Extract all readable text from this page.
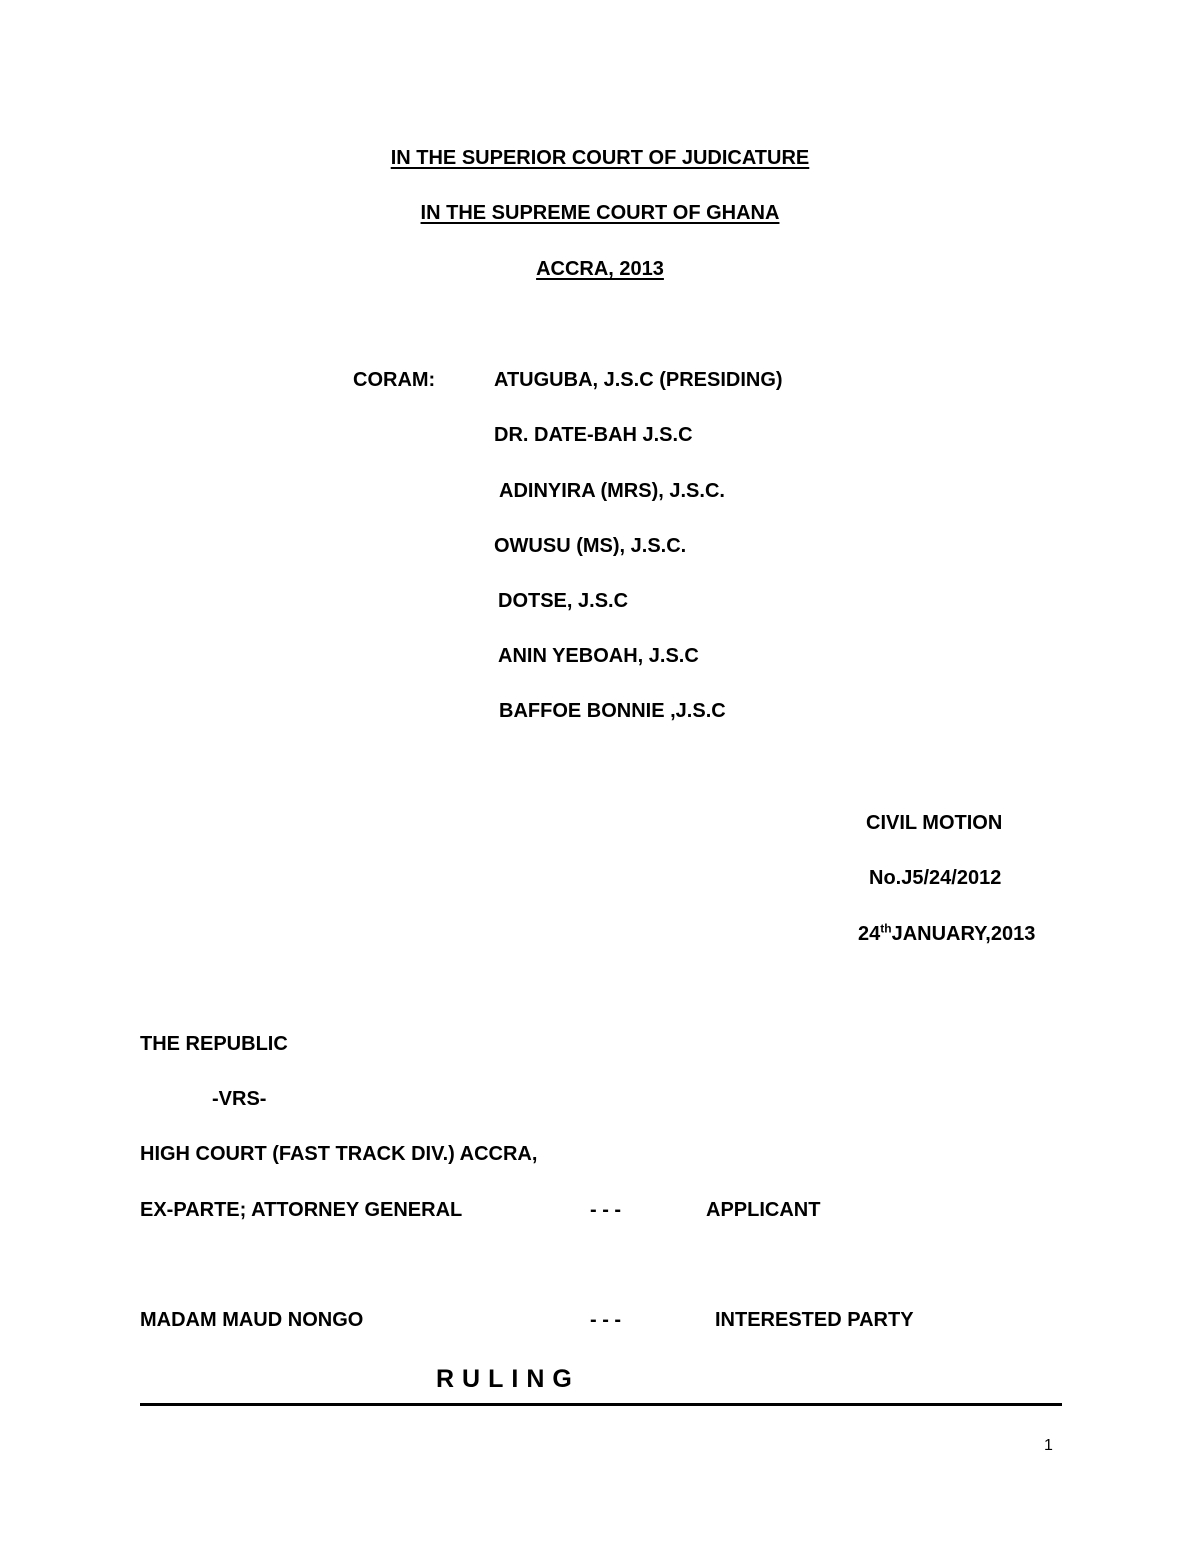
IN THE SUPERIOR COURT OF JUDICATURE
IN THE SUPREME COURT OF GHANA
ACCRA, 2013
CORAM:	ATUGUBA, J.S.C (PRESIDING)
DR. DATE-BAH J.S.C
ADINYIRA (MRS), J.S.C.
OWUSU (MS), J.S.C.
DOTSE, J.S.C
ANIN YEBOAH, J.S.C
BAFFOE BONNIE ,J.S.C
CIVIL MOTION
No.J5/24/2012
24thJANUARY,2013
THE REPUBLIC
-VRS-
HIGH COURT (FAST TRACK DIV.) ACCRA,
EX-PARTE; ATTORNEY GENERAL	- - -	APPLICANT
MADAM MAUD NONGO	- - -	INTERESTED PARTY
RULING
1
